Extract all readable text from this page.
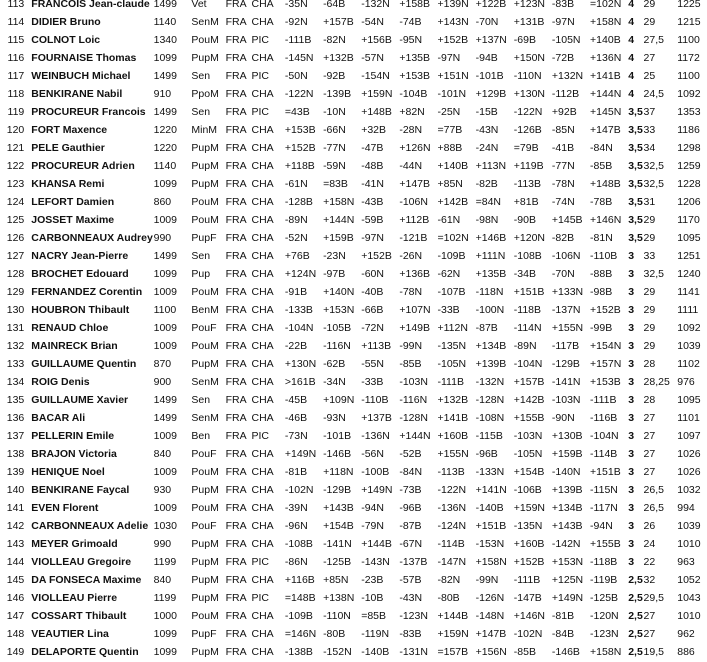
113	FRANCOIS Jean-claude	1499	Vet	FRA	CHA	-35N	-64B	-132N	+158B	+139N	+122B	+123N	-83B	=102N	4	29	1225
114	DIDIER Bruno	1140	SenM	FRA	CHA	-92N	+157B	-54N	-74B	+143N	-70N	+131B	-97N	+158N	4	29	1215
115	COLNOT Loic	1340	PouM	FRA	PIC	-111B	-82N	+156B	-95N	+152B	+137N	-69B	-105N	+140B	4	27,5	1100
116	FOURNAISE Thomas	1099	PupM	FRA	CHA	-145N	+132B	-57N	+135B	-97N	-94B	+150N	-72B	+136N	4	27	1172
117	WEINBUCH Michael	1499	Sen	FRA	PIC	-50N	-92B	-154N	+153B	+151N	-101B	-110N	+132N	+141B	4	25	1100
118	BENKIRANE Nabil	910	PpoM	FRA	CHA	-122N	-139B	+159N	-104B	-101N	+129B	+130N	-112B	+144N	4	24,5	1092
119	PROCUREUR Francois	1499	Sen	FRA	PIC	=43B	-10N	+148B	+82N	-25N	-15B	-122N	+92B	+145N	3,5	37	1353
120	FORT Maxence	1220	MinM	FRA	CHA	+153B	-66N	+32B	-28N	=77B	-43N	-126B	-85N	+147B	3,5	33	1186
121	PELE Gauthier	1220	PupM	FRA	CHA	+152B	-77N	-47B	+126N	+88B	-24N	=79B	-41B	-84N	3,5	34	1298
122	PROCUREUR Adrien	1140	PupM	FRA	CHA	+118B	-59N	-48B	-44N	+140B	+113N	+119B	-77N	-85B	3,5	32,5	1259
123	KHANSA Remi	1099	PupM	FRA	CHA	-61N	=83B	-41N	+147B	+85N	-82B	-113B	-78N	+148B	3,5	32,5	1228
124	LEFORT Damien	860	PouM	FRA	CHA	-128B	+158N	-43B	-106N	+142B	=84N	+81B	-74N	-78B	3,5	31	1206
125	JOSSET Maxime	1009	PouM	FRA	CHA	-89N	+144N	-59B	+112B	-61N	-98N	-90B	+145B	+146N	3,5	29	1170
126	CARBONNEAUX Audrey	990	PupF	FRA	CHA	-52N	+159B	-97N	-121B	=102N	+146B	+120N	-82B	-81N	3,5	29	1095
127	NACRY Jean-Pierre	1499	Sen	FRA	CHA	+76B	-23N	+152B	-26N	-109B	+111N	-108B	-106N	-110B	3	33	1251
128	BROCHET Edouard	1099	Pup	FRA	CHA	+124N	-97B	-60N	+136B	-62N	+135B	-34B	-70N	-88B	3	32,5	1240
129	FERNANDEZ Corentin	1009	PouM	FRA	CHA	-91B	+140N	-40B	-78N	-107B	-118N	+151B	+133N	-98B	3	29	1141
130	HOUBRON Thibault	1100	BenM	FRA	CHA	-133B	+153N	-66B	+107N	-33B	-100N	-118B	-137N	+152B	3	29	1111
131	RENAUD Chloe	1009	PouF	FRA	CHA	-104N	-105B	-72N	+149B	+112N	-87B	-114N	+155N	-99B	3	29	1092
132	MAINRECK Brian	1009	PouM	FRA	CHA	-22B	-116N	+113B	-99N	-135N	+134B	-89N	-117B	+154N	3	29	1039
133	GUILLAUME Quentin	870	PupM	FRA	CHA	+130N	-62B	-55N	-85B	-105N	+139B	-104N	-129B	+157N	3	28	1102
134	ROIG Denis	900	SenM	FRA	CHA	>161B	-34N	-33B	-103N	-111B	-132N	+157B	-141N	+153B	3	28,25	976
135	GUILLAUME Xavier	1499	Sen	FRA	CHA	-45B	+109N	-110B	-116N	+132B	-128N	+142B	-103N	-111B	3	28	1095
136	BACAR Ali	1499	SenM	FRA	CHA	-46B	-93N	+137B	-128N	+141B	-108N	+155B	-90N	-116B	3	27	1101
137	PELLERIN Emile	1009	Ben	FRA	PIC	-73N	-101B	-136N	+144N	+160B	-115B	-103N	+130B	-104N	3	27	1097
138	BRAJON Victoria	840	PouF	FRA	CHA	+149N	-146B	-56N	-52B	+155N	-96B	-105N	+159B	-114B	3	27	1026
139	HENIQUE Noel	1009	PouM	FRA	CHA	-81B	+118N	-100B	-84N	-113B	-133N	+154B	-140N	+151B	3	27	1026
140	BENKIRANE Faycal	930	PupM	FRA	CHA	-102N	-129B	+149N	-73B	-122N	+141N	-106B	+139B	-115N	3	26,5	1032
141	EVEN Florent	1009	PouM	FRA	CHA	-39N	+143B	-94N	-96B	-136N	-140B	+159N	+134B	-117N	3	26,5	994
142	CARBONNEAUX Adelie	1030	PouF	FRA	CHA	-96N	+154B	-79N	-87B	-124N	+151B	-135N	+143B	-94N	3	26	1039
143	MEYER Grimoald	990	PupM	FRA	CHA	-108B	-141N	+144B	-67N	-114B	-153N	+160B	-142N	+155B	3	24	1010
144	VIOLLEAU Gregoire	1199	PupM	FRA	PIC	-86N	-125B	-143N	-137B	-147N	+158N	+152B	+153N	-118B	3	22	963
145	DA FONSECA Maxime	840	PupM	FRA	CHA	+116B	+85N	-23B	-57B	-82N	-99N	-111B	+125N	-119B	2,5	32	1052
146	VIOLLEAU Pierre	1199	PupM	FRA	PIC	=148B	+138N	-10B	-43N	-80B	-126N	-147B	+149N	-125B	2,5	29,5	1043
147	COSSART Thibault	1000	PouM	FRA	CHA	-109B	-110N	=85B	-123N	+144B	-148N	+146N	-81B	-120N	2,5	27	1010
148	VEAUTIER Lina	1099	PupF	FRA	CHA	=146N	-80B	-119N	-83B	+159N	+147B	-102N	-84B	-123N	2,5	27	962
149	DELAPORTE Quentin	1099	PupM	FRA	CHA	-138B	-152N	-140B	-131N	=157B	+156N	-85B	-146B	+158N	2,5	19,5	886
